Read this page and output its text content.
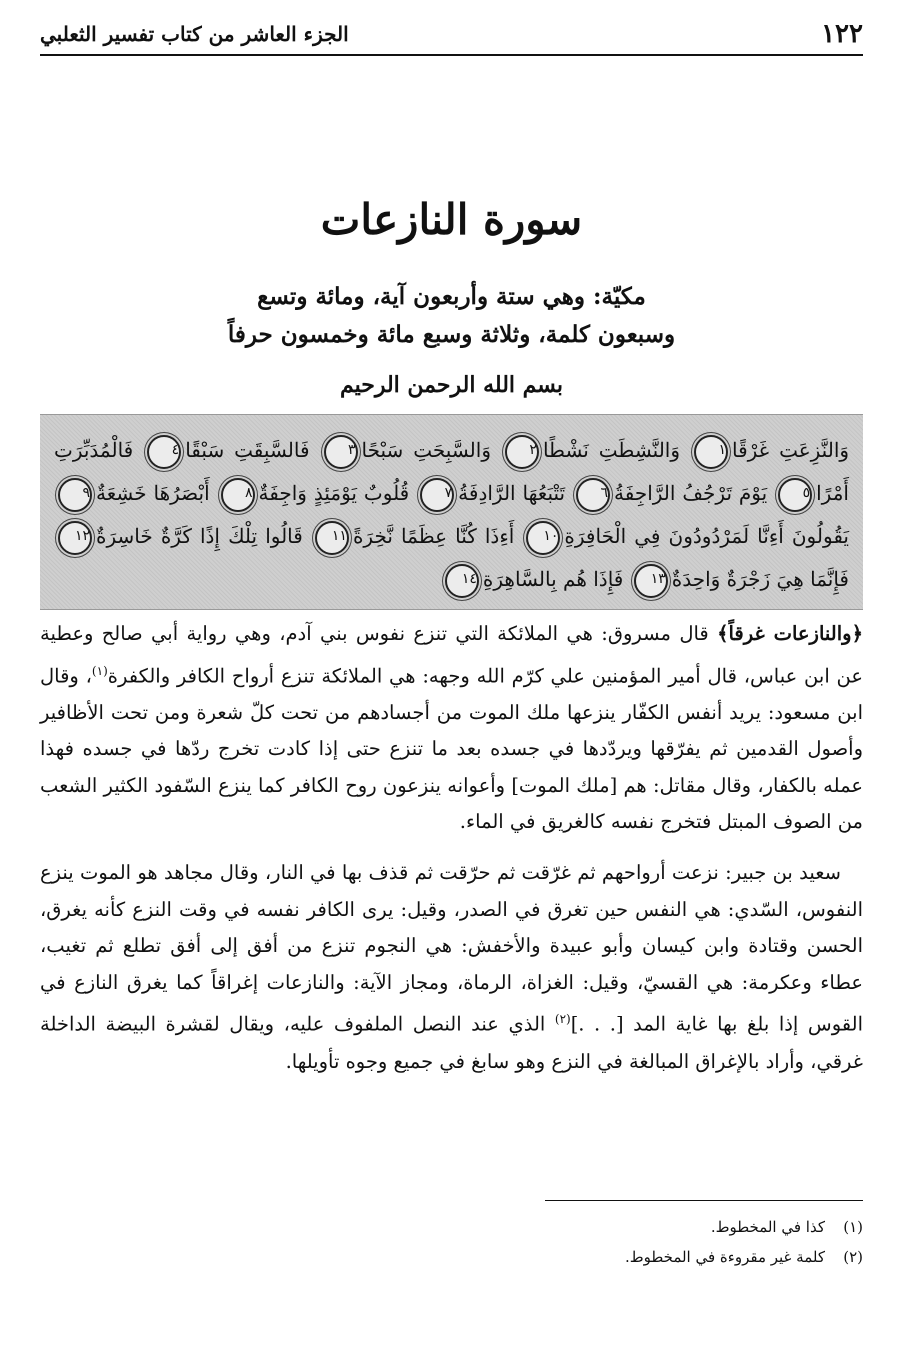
١٢٢
الجزء العاشر من كتاب تفسير الثعلبي
سورة النازعات
مكيّة: وهي ستة وأربعون آية، ومائة وتسع
وسبعون كلمة، وثلاثة وسبع مائة وخمسون حرفاً
بسم الله الرحمن الرحيم
وَالنَّزِعَتِ غَرْقًا١ وَالنَّشِطَتِ نَشْطًا٢ وَالسَّبِحَتِ سَبْحًا٣ فَالسَّبِقَتِ سَبْقًا٤ فَالْمُدَبِّرَتِ أَمْرًا٥ يَوْمَ تَرْجُفُ الرَّاجِفَةُ٦ تَتْبَعُهَا الرَّادِفَةُ٧ قُلُوبٌ يَوْمَئِذٍ وَاجِفَةٌ٨ أَبْصَرُهَا خَشِعَةٌ٩ يَقُولُونَ أَءِنَّا لَمَرْدُودُونَ فِي الْحَافِرَةِ١٠ أَءِذَا كُنَّا عِظَمًا نَّخِرَةً١١ قَالُوا تِلْكَ إِذًا كَرَّةٌ خَاسِرَةٌ١٢ فَإِنَّمَا هِيَ زَجْرَةٌ وَاحِدَةٌ١٣ فَإِذَا هُم بِالسَّاهِرَةِ١٤

﴿والنازعات غرقاً﴾ قال مسروق: هي الملائكة التي تنزع نفوس بني آدم، وهي رواية أبي صالح وعطية عن ابن عباس، قال أمير المؤمنين علي كرّم الله وجهه: هي الملائكة تنزع أرواح الكافر والكفرة$^{(١)}$، وقال ابن مسعود: يريد أنفس الكفّار ينزعها ملك الموت من أجسادهم من تحت كلّ شعرة ومن تحت الأظافير وأصول القدمين ثم يفرّقها ويردّدها في جسده بعد ما تنزع حتى إذا كادت تخرج ردّها في جسده فهذا عمله بالكفار، وقال مقاتل: هم [ملك الموت] وأعوانه ينزعون روح الكافر كما ينزع السّفود الكثير الشعب من الصوف المبتل فتخرج نفسه كالغريق في الماء.

سعيد بن جبير: نزعت أرواحهم ثم غرّقت ثم حرّقت ثم قذف بها في النار، وقال مجاهد هو الموت ينزع النفوس، السّدي: هي النفس حين تغرق في الصدر، وقيل: يرى الكافر نفسه في وقت النزع كأنه يغرق، الحسن وقتادة وابن كيسان وأبو عبيدة والأخفش: هي النجوم تنزع من أفق إلى أفق تطلع ثم تغيب، عطاء وعكرمة: هي القسيّ، وقيل: الغزاة، الرماة، ومجاز الآية: والنازعات إغراقاً كما يغرق النازع في القوس إذا بلغ بها غاية المد [. . .]$^{(٢)}$ الذي عند النصل الملفوف عليه، ويقال لقشرة البيضة الداخلة غرقي، وأراد بالإغراق المبالغة في النزع وهو سابغ في جميع وجوه تأويلها.

(١)
كذا في المخطوط.
(٢)
كلمة غير مقروءة في المخطوط.
